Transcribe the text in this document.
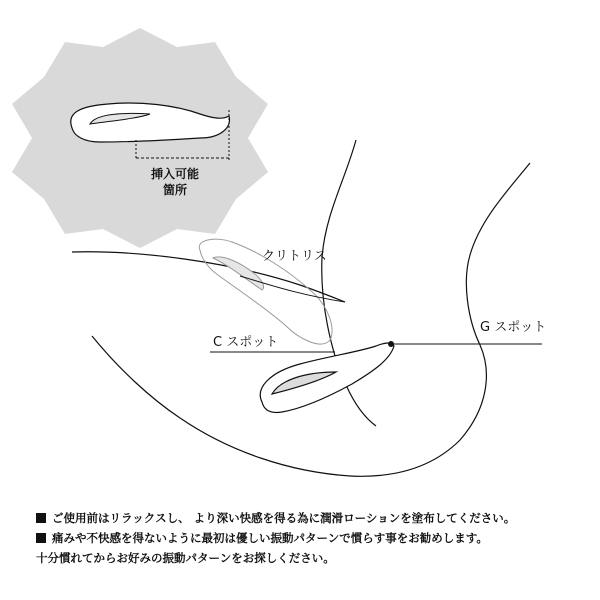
挿入可能
箇所
クリトリス
G スポット
C スポット
ご使用前はリラックスし、 より深い快感を得る為に潤滑ローションを塗布してください。
痛みや不快感を得ないように最初は優しい振動パターンで慣らす事をお勧めします。
十分慣れてからお好みの振動パターンをお探しください。
